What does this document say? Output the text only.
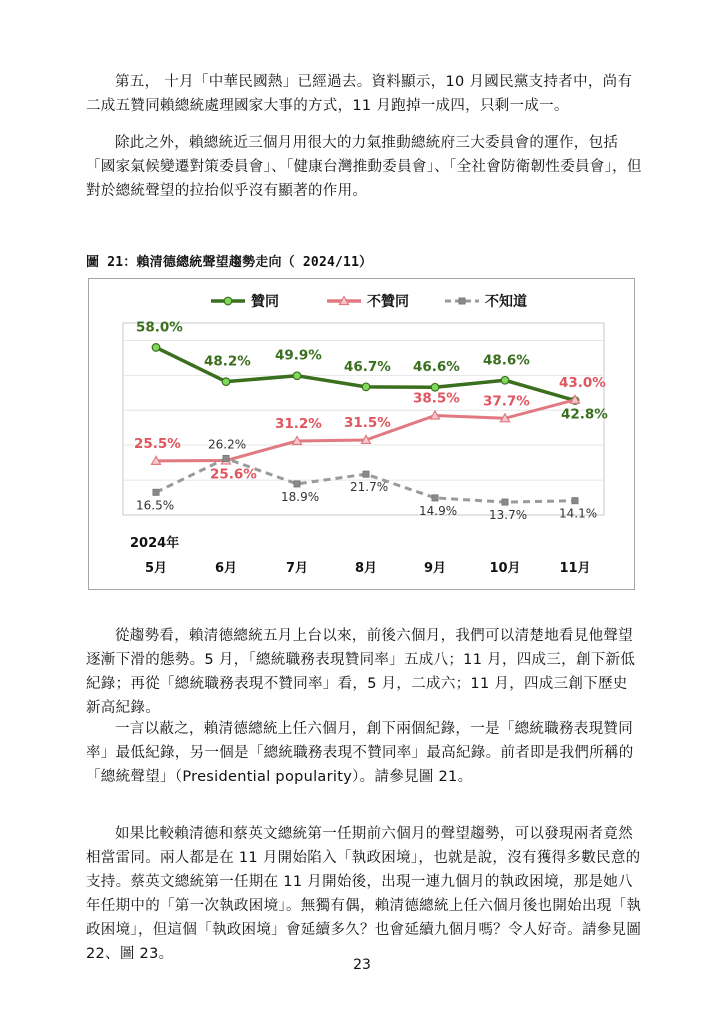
第五， 十月「中華民國熱」已經過去。資料顯示，10 月國民黨支持者中，尚有二成五贊同賴總統處理國家大事的方式，11 月跑掉一成四，只剩一成一。

除此之外，賴總統近三個月用很大的力氣推動總統府三大委員會的運作，包括「國家氣候變遷對策委員會」、「健康台灣推動委員會」、「全社會防衛韌性委員會」，但對於總統聲望的拉抬似乎沒有顯著的作用。

圖 21：賴清德總統聲望趨勢走向（ 2024/11）
贊同	不贊同	不知道
58.0%
48.2% 49.9%
46.7% 46.6% 48.6%
42.8%
25.5%
25.6%
31.2% 31.5%
38.5% 37.7%
43.0%
16.5%
26.2%
18.9%
21.7%
14.9%	13.7%	14.1%
2024年
5月	6月	7月	8月	9月	10月	11月

從趨勢看，賴清德總統五月上台以來，前後六個月，我們可以清楚地看見他聲望逐漸下滑的態勢。5 月，「總統職務表現贊同率」五成八；11 月，四成三，創下新低紀錄；再從「總統職務表現不贊同率」看，5 月，二成六；11 月，四成三創下歷史新高紀錄。

一言以蔽之，賴清德總統上任六個月，創下兩個紀錄，一是「總統職務表現贊同率」最低紀錄，另一個是「總統職務表現不贊同率」最高紀錄。前者即是我們所稱的「總統聲望」（Presidential popularity）。請參見圖 21。

如果比較賴清德和蔡英文總統第一任期前六個月的聲望趨勢，可以發現兩者竟然相當雷同。兩人都是在 11 月開始陷入「執政困境」，也就是說，沒有獲得多數民意的支持。蔡英文總統第一任期在 11 月開始後，出現一連九個月的執政困境，那是她八年任期中的「第一次執政困境」。無獨有偶，賴清德總統上任六個月後也開始出現「執政困境」，但這個「執政困境」會延續多久？也會延續九個月嗎？令人好奇。請參見圖 22、圖 23。

23
